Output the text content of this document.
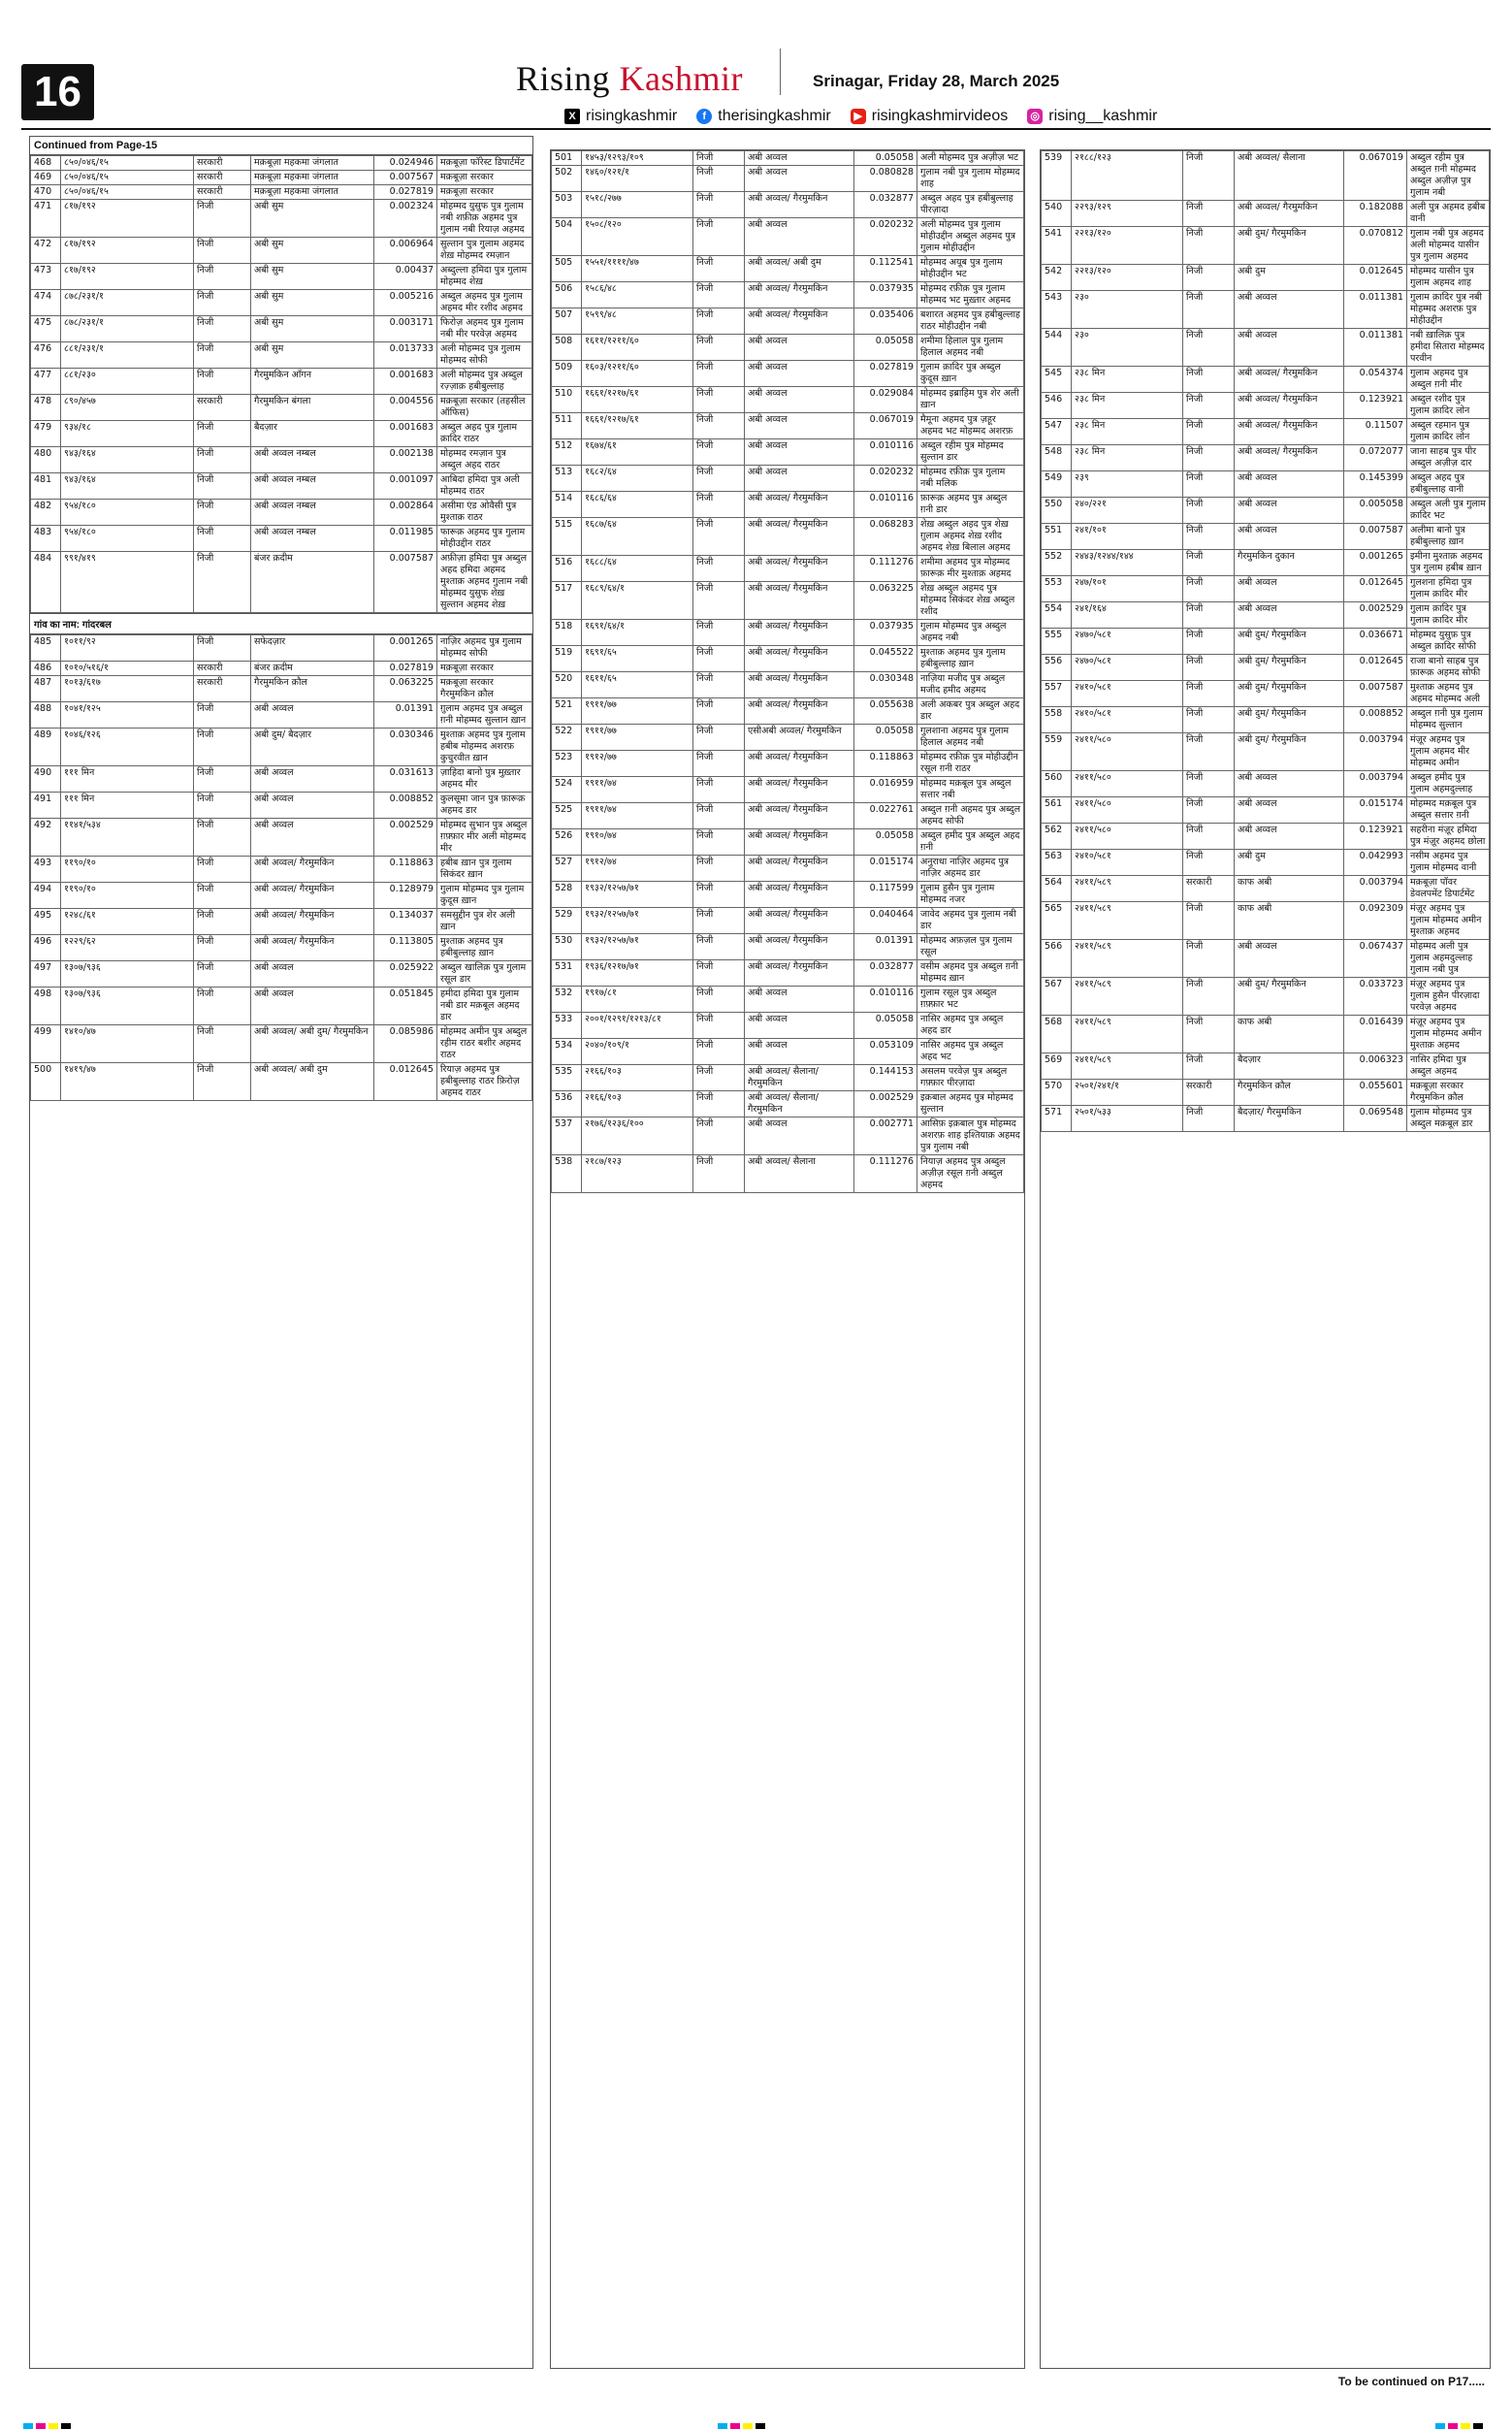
16	Rising Kashmir	Srinagar, Friday 28, March 2025
X risingkashmir	f therisingkashmir	▶ risingkashmirvideos ◎ rising__kashmir
Continued from Page-15
468	८५०/०४६/१५	सरकारी	मक़बूज़ा महकमा जंगलात	0.024946	मक़बूज़ा फॉरेस्ट डिपार्टमेंट
469	८५०/०४६/१५	सरकारी	मक़बूज़ा महकमा जंगलात	0.007567	मक़बूज़ा सरकार
470	८५०/०४६/१५	सरकारी	मक़बूज़ा महकमा जंगलात	0.027819	मक़बूज़ा सरकार
471	८१७/१९२	निजी	अबी सुम	0.002324	मोहम्मद युसुफ पुत्र गुलाम नबी शफ़ीक़ अहमद पुत्र गुलाम नबी रियाज़ अहमद
472	८१७/१९२	निजी	अबी सुम	0.006964	सुल्तान पुत्र गुलाम अहमद शेख़ मोहम्मद रमज़ान
473	८१७/१९२	निजी	अबी सुम	0.00437	अब्दुल्ला हमिदा पुत्र गुलाम मोहम्मद शेख़
474	८७८/२३१/१	निजी	अबी सुम	0.005216	अब्दुल अहमद पुत्र गुलाम अहमद मीर रशीद अहमद
475	८७८/२३१/१	निजी	अबी सुम	0.003171	फिरोज़ अहमद पुत्र गुलाम नबी मीर परवेज़ अहमद
476	८८१/२३१/१	निजी	अबी सुम	0.013733	अली मोहम्मद पुत्र गुलाम मोहम्मद सोफी
477	८८१/२३०	निजी	गैरमुमकिन आँगन	0.001683	अली मोहम्मद पुत्र अब्दुल रज़्ज़ाक़ हबीबुल्लाह
478	८९०/४५७	सरकारी	गैरमुमकिन बंगला	0.004556	मक़बूज़ा सरकार (तहसील ऑफिस)
479	९३४/१८	निजी	बैदज़ार	0.001683	अब्दुल अहद पुत्र गुलाम क़ादिर राठर
480	९४३/१६४	निजी	अबी अव्वल नम्बल	0.002138	मोहम्मद रमज़ान पुत्र अब्दुल अहद राठर
481	९४३/१६४	निजी	अबी अव्वल नम्बल	0.001097	आबिदा हमिदा पुत्र अली मोहम्मद राठर
482	९५४/१८०	निजी	अबी अव्वल नम्बल	0.002864	असीमा एंड ओवैसी पुत्र मुश्ताक़ राठर
483	९५४/१८०	निजी	अबी अव्वल नम्बल	0.011985	फारूक़ अहमद पुत्र गुलाम मोहीउद्दीन राठर
484	९९१/४१९	निजी	बंजर क़दीम	0.007587	अफ़ीज़ा हमिदा पुत्र अब्दुल अहद हमिदा अहमद मुश्ताक़ अहमद गुलाम नबी मोहम्मद युसुफ शेख़ सुल्तान अहमद शेख़
गांव का नाम: गांदरबल
485	१०११/९२	निजी	सफेदज़ार	0.001265	नाज़िर अहमद पुत्र गुलाम मोहम्मद सोफी
486	१०१०/५१६/१	सरकारी	बंजर क़दीम	0.027819	मक़बूज़ा सरकार
487	१०१३/६१७	सरकारी	गैरमुमकिन क़ौल	0.063225	मक़बूज़ा सरकार गैरमुमकिन क़ौल
488	१०४१/१२५	निजी	अबी अव्वल	0.01391	ग़ुलाम अहमद पुत्र अब्दुल ग़नी मोहम्मद सुल्तान ख़ान
489	१०४६/१२६	निजी	अबी दुम/ बैदज़ार	0.030346	मुश्ताक़ अहमद पुत्र गुलाम हबीब मोहम्मद अशरफ़ कुचुरवीत ख़ान
490	१११ मिन	निजी	अबी अव्वल	0.031613	ज़ाहिदा बानो पुत्र मुख़्तार अहमद मीर
491	१११ मिन	निजी	अबी अव्वल	0.008852	कुलसूमा जान पुत्र फ़ारूक़ अहमद डार
492	११४१/५३४	निजी	अबी अव्वल	0.002529	मोहम्मद सुभान पुत्र अब्दुल ग़फ़्फ़ार मीर अली मोहम्मद मीर
493	११९०/१०	निजी	अबी अव्वल/ गैरमुमकिन	0.118863	हबीब ख़ान पुत्र गुलाम सिकंदर ख़ान
494	११९०/१०	निजी	अबी अव्वल/ गैरमुमकिन	0.128979	गुलाम मोहम्मद पुत्र गुलाम कुदूस ख़ान
495	१२४८/६१	निजी	अबी अव्वल/ गैरमुमकिन	0.134037	समसुद्दीन पुत्र शेर अली ख़ान
496	१२२९/६२	निजी	अबी अव्वल/ गैरमुमकिन	0.113805	मुश्ताक़ अहमद पुत्र हबीबुल्लाह ख़ान
497	१३०७/९३६	निजी	अबी अव्वल	0.025922	अब्दुल खालिक़ पुत्र गुलाम रसूल डार
498	१३०७/९३६	निजी	अबी अव्वल	0.051845	हमीदा हमिदा पुत्र गुलाम नबी डार मक़बूल अहमद डार
499	१४१०/४७	निजी	अबी अव्वल/ अबी दुम/ गैरमुमकिन	0.085986	मोहम्मद अमीन पुत्र अब्दुल रहीम राठर बशीर अहमद राठर
500	१४१९/४७	निजी	अबी अव्वल/ अबी दुम	0.012645	रियाज़ अहमद पुत्र हबीबुल्लाह राठर फ़िरोज़ अहमद राठर
501	१४५३/१२९३/१०९	निजी	अबी अव्वल	0.05058	अली मोहम्मद पुत्र अज़ीज़ भट
502	१४६०/१२१/१	निजी	अबी अव्वल	0.080828	गुलाम नबी पुत्र गुलाम मोहम्मद शाह
503	१५१८/२७७	निजी	अबी अव्वल/ गैरमुमकिन	0.032877	अब्दुल अहद पुत्र हबीबुल्लाह पीरज़ादा
504	१५०८/१२०	निजी	अबी अव्वल	0.020232	अली मोहम्मद पुत्र गुलाम मोहीउद्दीन अब्दुल अहमद पुत्र गुलाम मोहीउद्दीन
505	१५५१/११११/४७	निजी	अबी अव्वल/ अबी दुम	0.112541	मोहम्मद अयूब पुत्र गुलाम मोहीउद्दीन भट
506	१५८६/४८	निजी	अबी अव्वल/ गैरमुमकिन	0.037935	मोहम्मद रफ़ीक़ पुत्र गुलाम मोहम्मद भट मुख़्तार अहमद
507	१५९९/४८	निजी	अबी अव्वल/ गैरमुमकिन	0.035406	बशारत अहमद पुत्र हबीबुल्लाह राठर मोहीउद्दीन नबी
508	१६११/१२११/६०	निजी	अबी अव्वल	0.05058	शमीमा हिलाल पुत्र गुलाम हिलाल अहमद नबी
509	१६०३/१२११/६०	निजी	अबी अव्वल	0.027819	गुलाम क़ादिर पुत्र अब्दुल कुदूस ख़ान
510	१६६१/१२१७/६१	निजी	अबी अव्वल	0.029084	मोहम्मद इब्राहिम पुत्र शेर अली ख़ान
511	१६६१/१२१७/६१	निजी	अबी अव्वल	0.067019	मैमूना अहमद पुत्र ज़हूर अहमद भट मोहम्मद अशरफ़
512	१६७४/६१	निजी	अबी अव्वल	0.010116	अब्दुल रहीम पुत्र मोहम्मद सुल्तान डार
513	१६८२/६४	निजी	अबी अव्वल	0.020232	मोहम्मद रफ़ीक़ पुत्र गुलाम नबी मलिक
514	१६८६/६४	निजी	अबी अव्वल/ गैरमुमकिन	0.010116	फ़ारूक़ अहमद पुत्र अब्दुल ग़नी डार
515	१६८७/६४	निजी	अबी अव्वल/ गैरमुमकिन	0.068283	शेख़ अब्दुल अहद पुत्र शेख़ ग़ुलाम अहमद शेख़ रशीद अहमद शेख़ बिलाल अहमद
516	१६८८/६४	निजी	अबी अव्वल/ गैरमुमकिन	0.111276	शमीमा अहमद पुत्र मोहम्मद फ़ारूक़ मीर मुश्ताक़ अहमद
517	१६८९/६४/१	निजी	अबी अव्वल/ गैरमुमकिन	0.063225	शेख़ अब्दुल अहमद पुत्र मोहम्मद सिकंदर शेख़ अब्दुल रशीद
518	१६९१/६४/१	निजी	अबी अव्वल/ गैरमुमकिन	0.037935	गुलाम मोहम्मद पुत्र अब्दुल अहमद नबी
519	१६९१/६५	निजी	अबी अव्वल/ गैरमुमकिन	0.045522	मुश्ताक़ अहमद पुत्र गुलाम हबीबुल्लाह ख़ान
520	१६११/६५	निजी	अबी अव्वल/ गैरमुमकिन	0.030348	नाज़िया मजीद पुत्र अब्दुल मजीद हमीद अहमद
521	१९११/७७	निजी	अबी अव्वल/ गैरमुमकिन	0.055638	अली अकबर पुत्र अब्दुल अहद डार
522	१९११/७७	निजी	एसीअबी अव्वल/ गैरमुमकिन	0.05058	गुलशाना अहमद पुत्र गुलाम हिलाल अहमद नबी
523	१९१२/७७	निजी	अबी अव्वल/ गैरमुमकिन	0.118863	मोहम्मद रफ़ीक़ पुत्र मोहीउद्दीन रसूल ग़नी राठर
524	१९११/७४	निजी	अबी अव्वल/ गैरमुमकिन	0.016959	मोहम्मद मक़बूल पुत्र अब्दुल सत्तार नबी
525	१९११/७४	निजी	अबी अव्वल/ गैरमुमकिन	0.022761	अब्दुल ग़नी अहमद पुत्र अब्दुल अहमद सोफी
526	१९१०/७४	निजी	अबी अव्वल/ गैरमुमकिन	0.05058	अब्दुल हमीद पुत्र अब्दुल अहद ग़नी
527	१९१२/७४	निजी	अबी अव्वल/ गैरमुमकिन	0.015174	अनुराधा नाज़िर अहमद पुत्र नाज़िर अहमद डार
528	१९३२/१२५७/७१	निजी	अबी अव्वल/ गैरमुमकिन	0.117599	गुलाम हुसैन पुत्र गुलाम मोहम्मद नजर
529	१९३२/१२५७/७१	निजी	अबी अव्वल/ गैरमुमकिन	0.040464	जावेद अहमद पुत्र गुलाम नबी डार
530	१९३२/१२५७/७१	निजी	अबी अव्वल/ गैरमुमकिन	0.01391	मोहम्मद अफ़ज़ल पुत्र गुलाम रसूल
531	१९३६/१२१७/७१	निजी	अबी अव्वल/ गैरमुमकिन	0.032877	वसीम अहमद पुत्र अब्दुल ग़नी मोहम्मद ख़ान
532	१९१७/८१	निजी	अबी अव्वल	0.010116	गुलाम रसूल पुत्र अब्दुल ग़फ़्फ़ार भट
533	२००१/१२९१/१२१३/८१	निजी	अबी अव्वल	0.05058	नासिर अहमद पुत्र अब्दुल अहद डार
534	२०४०/१०९/१	निजी	अबी अव्वल	0.053109	नासिर अहमद पुत्र अब्दुल अहद भट
535	२१६६/१०३	निजी	अबी अव्वल/ सैलाना/ गैरमुमकिन	0.144153	असलम परवेज़ पुत्र अब्दुल गफ़्फ़ार पीरज़ादा
536	२१६६/१०३	निजी	अबी अव्वल/ सैलाना/ गैरमुमकिन	0.002529	इक़बाल अहमद पुत्र मोहम्मद सुल्तान
537	२१७६/१२३६/१००	निजी	अबी अव्वल	0.002771	आसिफ़ इक़बाल पुत्र मोहम्मद अशरफ़ शाह इश्तियाक़ अहमद पुत्र गुलाम नबी
538	२१८७/१२३	निजी	अबी अव्वल/ सैलाना	0.111276	नियाज़ अहमद पुत्र अब्दुल अज़ीज़ रसूल ग़नी अब्दुल अहमद
539	२१८८/१२३	निजी	अबी अव्वल/ सैलाना	0.067019	अब्दुल रहीम पुत्र अब्दुल ग़नी मोहम्मद अब्दुल अज़ीज़ पुत्र गुलाम नबी
540	२२९३/१२९	निजी	अबी अव्वल/ गैरमुमकिन	0.182088	अली पुत्र अहमद हबीब वानी
541	२२१३/१२०	निजी	अबी दुम/ गैरमुमकिन	0.070812	गुलाम नबी पुत्र अहमद अली मोहम्मद यासीन पुत्र गुलाम अहमद
542	२२१३/१२०	निजी	अबी दुम	0.012645	मोहम्मद यासीन पुत्र गुलाम अहमद शाह
543	२३०	निजी	अबी अव्वल	0.011381	गुलाम क़ादिर पुत्र नबी मोहम्मद अशरफ़ पुत्र मोहीउद्दीन
544	२३०	निजी	अबी अव्वल	0.011381	नबी ख़ालिक़ पुत्र हमीदा सितारा मोहम्मद परवीन
545	२३८ मिन	निजी	अबी अव्वल/ गैरमुमकिन	0.054374	गुलाम अहमद पुत्र अब्दुल ग़नी मीर
546	२३८ मिन	निजी	अबी अव्वल/ गैरमुमकिन	0.123921	अब्दुल रशीद पुत्र गुलाम क़ादिर लोन
547	२३८ मिन	निजी	अबी अव्वल/ गैरमुमकिन	0.11507	अब्दुल रहमान पुत्र गुलाम क़ादिर लोन
548	२३८ मिन	निजी	अबी अव्वल/ गैरमुमकिन	0.072077	जाना साहब पुत्र पीर अब्दुल अज़ीज़ दार
549	२३९	निजी	अबी अव्वल	0.145399	अब्दुल अहद पुत्र हबीबुल्लाह वानी
550	२४०/२२१	निजी	अबी अव्वल	0.005058	अब्दुल अली पुत्र गुलाम क़ादिर भट
551	२४१/१०१	निजी	अबी अव्वल	0.007587	अलीमा बानो पुत्र हबीबुल्लाह ख़ान
552	२४४३/१२४४/१४४	निजी	गैरमुमकिन दुकान	0.001265	इमीना मुश्ताक़ अहमद पुत्र गुलाम हबीब ख़ान
553	२४७/१०१	निजी	अबी अव्वल	0.012645	गुलशना हमिदा पुत्र गुलाम क़ादिर मीर
554	२४१/१६४	निजी	अबी अव्वल	0.002529	गुलाम क़ादिर पुत्र गुलाम क़ादिर मीर
555	२४७०/५८१	निजी	अबी दुम/ गैरमुमकिन	0.036671	मोहम्मद युसुफ़ पुत्र अब्दुल क़ादिर सोफी
556	२४७०/५८१	निजी	अबी दुम/ गैरमुमकिन	0.012645	राजा बानो साहब पुत्र फ़ारूक़ अहमद सोफी
557	२४१०/५८१	निजी	अबी दुम/ गैरमुमकिन	0.007587	मुश्ताक़ अहमद पुत्र अहमद मोहम्मद अली
558	२४१०/५८१	निजी	अबी दुम/ गैरमुमकिन	0.008852	अब्दुल ग़नी पुत्र गुलाम मोहम्मद सुल्तान
559	२४११/५८०	निजी	अबी दुम/ गैरमुमकिन	0.003794	मंज़ूर अहमद पुत्र गुलाम अहमद मीर मोहम्मद अमीन
560	२४११/५८०	निजी	अबी अव्वल	0.003794	अब्दुल हमीद पुत्र गुलाम अहमदुल्लाह
561	२४११/५८०	निजी	अबी अव्वल	0.015174	मोहम्मद मक़बूल पुत्र अब्दुल सत्तार ग़नी
562	२४११/५८०	निजी	अबी अव्वल	0.123921	सहरीना मंज़ूर हमिदा पुत्र मंज़ूर अहमद छोला
563	२४१०/५८१	निजी	अबी दुम	0.042993	नसीम अहमद पुत्र गुलाम मोहम्मद वानी
564	२४११/५८९	सरकारी	काफ अबी	0.003794	मक़बूज़ा पॉवर डेवलपमेंट डिपार्टमेंट
565	२४११/५८९	निजी	काफ अबी	0.092309	मंज़ूर अहमद पुत्र गुलाम मोहम्मद अमीन मुश्ताक़ अहमद
566	२४११/५८९	निजी	अबी अव्वल	0.067437	मोहम्मद अली पुत्र गुलाम अहमदुल्लाह गुलाम नबी पुत्र
567	२४११/५८९	निजी	अबी दुम/ गैरमुमकिन	0.033723	मंज़ूर अहमद पुत्र गुलाम हुसैन पीरज़ादा परवेज़ अहमद
568	२४११/५८९	निजी	काफ अबी	0.016439	मंज़ूर अहमद पुत्र गुलाम मोहम्मद अमीन मुश्ताक़ अहमद
569	२४११/५८९	निजी	बैदज़ार	0.006323	नासिर हमिदा पुत्र अब्दुल अहमद
570	२५०१/२४१/१	सरकारी	गैरमुमकिन क़ौल	0.055601	मक़बूज़ा सरकार गैरमुमकिन क़ौल
571	२५०१/५३३	निजी	बैदज़ार/ गैरमुमकिन	0.069548	गुलाम मोहम्मद पुत्र अब्दुल मक़बूल डार
To be continued on P17.....
